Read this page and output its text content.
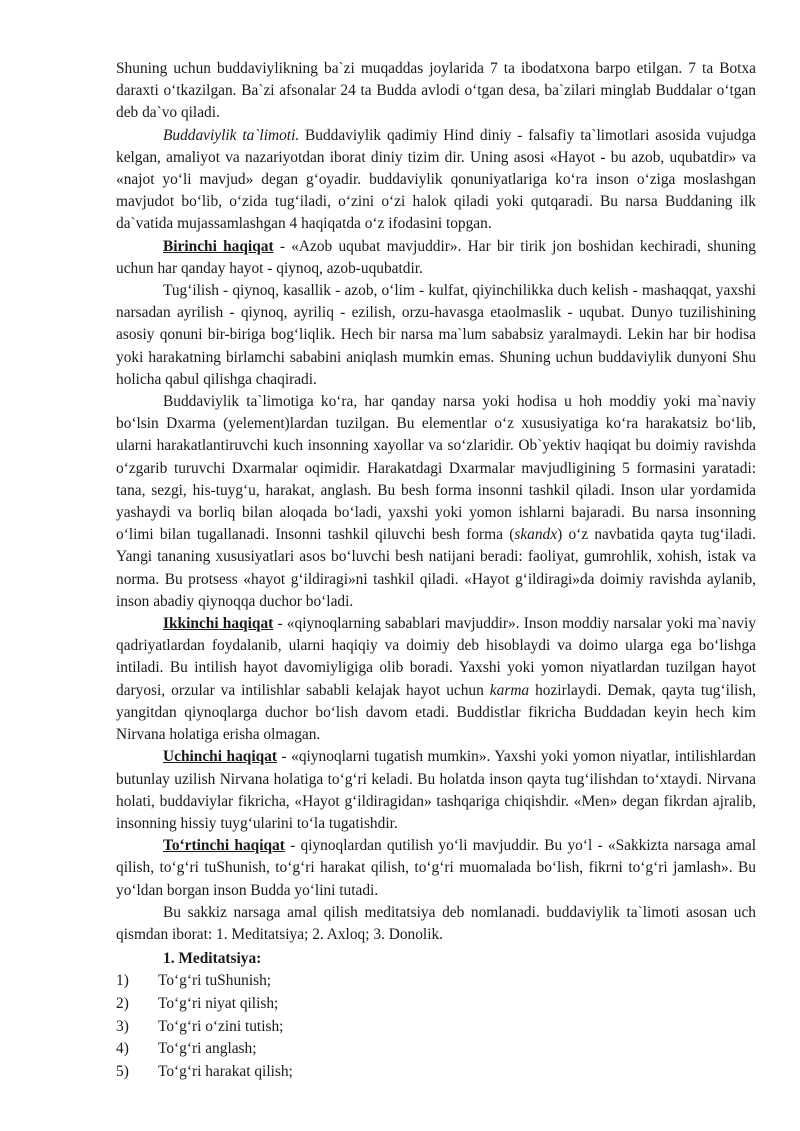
Shuning uchun buddaviylikning ba`zi muqaddas joylarida 7 ta ibodatxona barpo etilgan. 7 ta Botxa daraxti o‘tkazilgan. Ba`zi afsonalar 24 ta Budda avlodi o‘tgan desa, ba`zilari minglab Buddalar o‘tgan deb da`vo qiladi.

Buddaviylik ta`limoti. Buddaviylik qadimiy Hind diniy - falsafiy ta`limotlari asosida vujudga kelgan, amaliyot va nazariyotdan iborat diniy tizim dir. Uning asosi «Hayot - bu azob, uqubatdir» va «najot yo‘li mavjud» degan g‘oyadir. buddaviylik qonuniyatlariga ko‘ra inson o‘ziga moslashgan mavjudot bo‘lib, o‘zida tug‘iladi, o‘zini o‘zi halok qiladi yoki qutqaradi. Bu narsa Buddaning ilk da`vatida mujassamlashgan 4 haqiqatda o‘z ifodasini topgan.

Birinchi haqiqat - «Azob uqubat mavjuddir». Har bir tirik jon boshidan kechiradi, shuning uchun har qanday hayot - qiynoq, azob-uqubatdir.

Tug‘ilish - qiynoq, kasallik - azob, o‘lim - kulfat, qiyinchilikka duch kelish - mashaqqat, yaxshi narsadan ayrilish - qiynoq, ayriliq - ezilish, orzu-havasga etaolmaslik - uqubat. Dunyo tuzilishining asosiy qonuni bir-biriga bog‘liqlik. Hech bir narsa ma`lum sababsiz yaralmaydi. Lekin har bir hodisa yoki harakatning birlamchi sababini aniqlash mumkin emas. Shuning uchun buddaviylik dunyoni Shu holicha qabul qilishga chaqiradi.

Buddaviylik ta`limotiga ko‘ra, har qanday narsa yoki hodisa u hoh moddiy yoki ma`naviy bo‘lsin Dxarma (yelement)lardan tuzilgan. Bu elementlar o‘z xususiyatiga ko‘ra harakatsiz bo‘lib, ularni harakatlantiruvchi kuch insonning xayollar va so‘zlaridir. Ob`yektiv haqiqat bu doimiy ravishda o‘zgarib turuvchi Dxarmalar oqimidir. Harakatdagi Dxarmalar mavjudligining 5 formasini yaratadi: tana, sezgi, his-tuyg‘u, harakat, anglash. Bu besh forma insonni tashkil qiladi. Inson ular yordamida yashaydi va borliq bilan aloqada bo‘ladi, yaxshi yoki yomon ishlarni bajaradi. Bu narsa insonning o‘limi bilan tugallanadi. Insonni tashkil qiluvchi besh forma (skandx) o‘z navbatida qayta tug‘iladi. Yangi tananing xususiyatlari asos bo‘luvchi besh natijani beradi: faoliyat, gumrohlik, xohish, istak va norma. Bu protsess «hayot g‘ildiragi»ni tashkil qiladi. «Hayot g‘ildiragi»da doimiy ravishda aylanib, inson abadiy qiynoqqa duchor bo‘ladi.

Ikkinchi haqiqat - «qiynoqlarning sabablari mavjuddir». Inson moddiy narsalar yoki ma`naviy qadriyatlardan foydalanib, ularni haqiqiy va doimiy deb hisoblaydi va doimo ularga ega bo‘lishga intiladi. Bu intilish hayot davomiyligiga olib boradi. Yaxshi yoki yomon niyatlardan tuzilgan hayot daryosi, orzular va intilishlar sababli kelajak hayot uchun karma hozirlaydi. Demak, qayta tug‘ilish, yangitdan qiynoqlarga duchor bo‘lish davom etadi. Buddistlar fikricha Buddadan keyin hech kim Nirvana holatiga erisha olmagan.

Uchinchi haqiqat - «qiynoqlarni tugatish mumkin». Yaxshi yoki yomon niyatlar, intilishlardan butunlay uzilish Nirvana holatiga to‘g‘ri keladi. Bu holatda inson qayta tug‘ilishdan to‘xtaydi. Nirvana holati, buddaviylar fikricha, «Hayot g‘ildiragidan» tashqariga chiqishdir. «Men» degan fikrdan ajralib, insonning hissiy tuyg‘ularini to‘la tugatishdir.

To‘rtinchi haqiqat - qiynoqlardan qutilish yo‘li mavjuddir. Bu yo‘l - «Sakkizta narsaga amal qilish, to‘g‘ri tuShunish, to‘g‘ri harakat qilish, to‘g‘ri muomalada bo‘lish, fikrni to‘g‘ri jamlash». Bu yo‘ldan borgan inson Budda yo‘lini tutadi.

Bu sakkiz narsaga amal qilish meditatsiya deb nomlanadi. buddaviylik ta`limoti asosan uch qismdan iborat: 1. Meditatsiya; 2. Axloq; 3. Donolik.

1. Meditatsiya:

1) To‘g‘ri tuShunish;
2) To‘g‘ri niyat qilish;
3) To‘g‘ri o‘zini tutish;
4) To‘g‘ri anglash;
5) To‘g‘ri harakat qilish;
